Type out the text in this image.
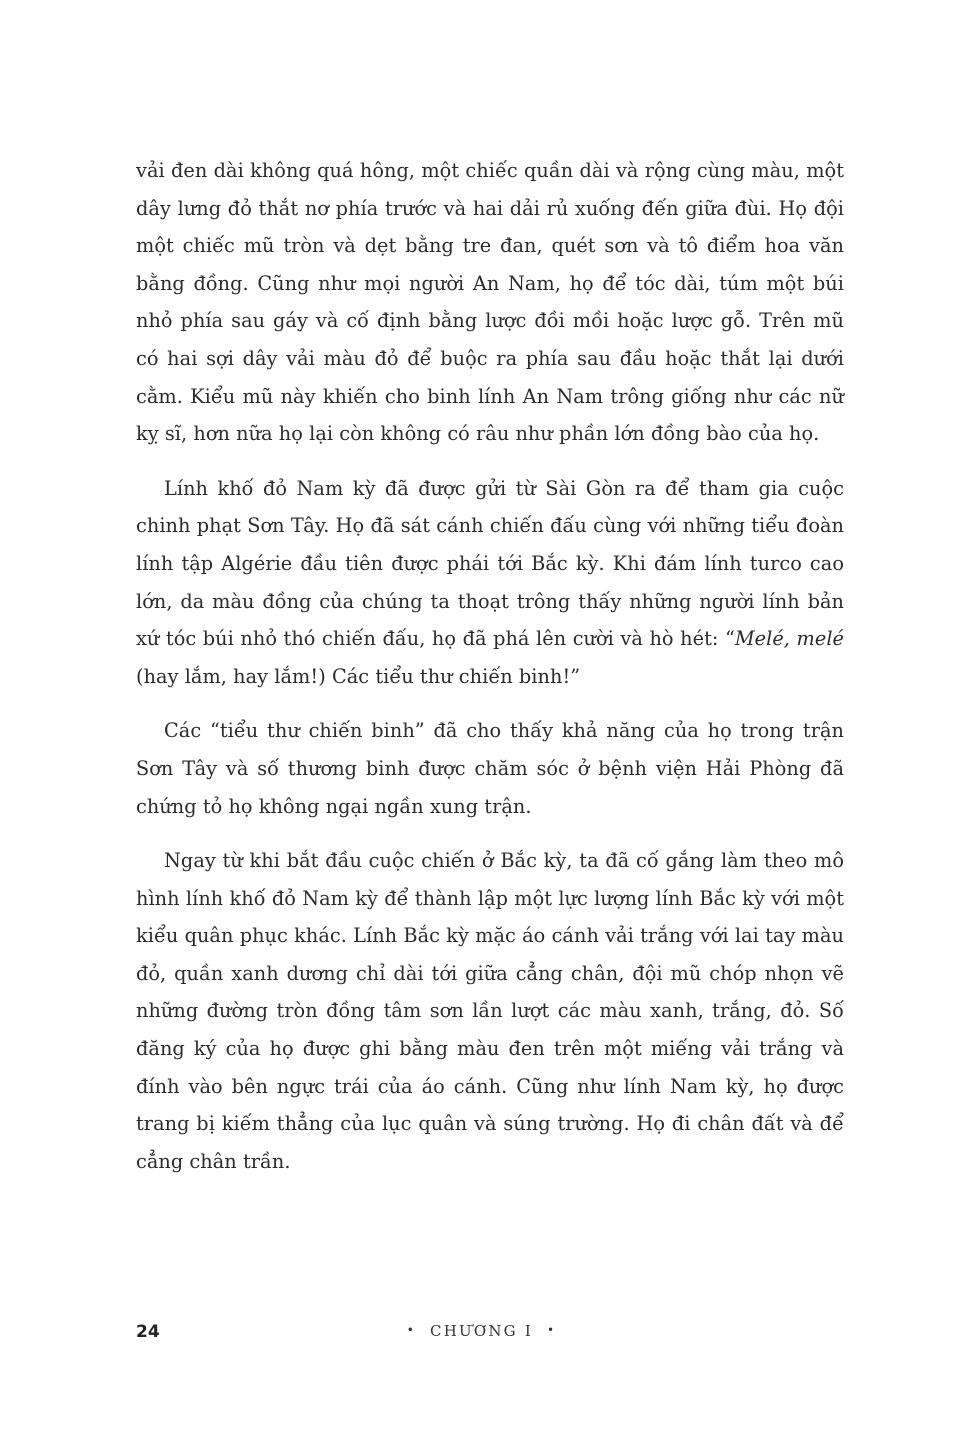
vải đen dài không quá hông, một chiếc quần dài và rộng cùng màu, một dây lưng đỏ thắt nơ phía trước và hai dải rủ xuống đến giữa đùi. Họ đội một chiếc mũ tròn và dẹt bằng tre đan, quét sơn và tô điểm hoa văn bằng đồng. Cũng như mọi người An Nam, họ để tóc dài, túm một búi nhỏ phía sau gáy và cố định bằng lược đồi mồi hoặc lược gỗ. Trên mũ có hai sợi dây vải màu đỏ để buộc ra phía sau đầu hoặc thắt lại dưới cằm. Kiểu mũ này khiến cho binh lính An Nam trông giống như các nữ kỵ sĩ, hơn nữa họ lại còn không có râu như phần lớn đồng bào của họ.

Lính khố đỏ Nam kỳ đã được gửi từ Sài Gòn ra để tham gia cuộc chinh phạt Sơn Tây. Họ đã sát cánh chiến đấu cùng với những tiểu đoàn lính tập Algérie đầu tiên được phái tới Bắc kỳ. Khi đám lính turco cao lớn, da màu đồng của chúng ta thoạt trông thấy những người lính bản xứ tóc búi nhỏ thó chiến đấu, họ đã phá lên cười và hò hét: “Melé, melé (hay lắm, hay lắm!) Các tiểu thư chiến binh!”

Các “tiểu thư chiến binh” đã cho thấy khả năng của họ trong trận Sơn Tây và số thương binh được chăm sóc ở bệnh viện Hải Phòng đã chứng tỏ họ không ngại ngần xung trận.

Ngay từ khi bắt đầu cuộc chiến ở Bắc kỳ, ta đã cố gắng làm theo mô hình lính khố đỏ Nam kỳ để thành lập một lực lượng lính Bắc kỳ với một kiểu quân phục khác. Lính Bắc kỳ mặc áo cánh vải trắng với lai tay màu đỏ, quần xanh dương chỉ dài tới giữa cẳng chân, đội mũ chóp nhọn vẽ những đường tròn đồng tâm sơn lần lượt các màu xanh, trắng, đỏ. Số đăng ký của họ được ghi bằng màu đen trên một miếng vải trắng và đính vào bên ngực trái của áo cánh. Cũng như lính Nam kỳ, họ được trang bị kiếm thẳng của lục quân và súng trường. Họ đi chân đất và để cẳng chân trần.

24	• CHƯƠNG I •
